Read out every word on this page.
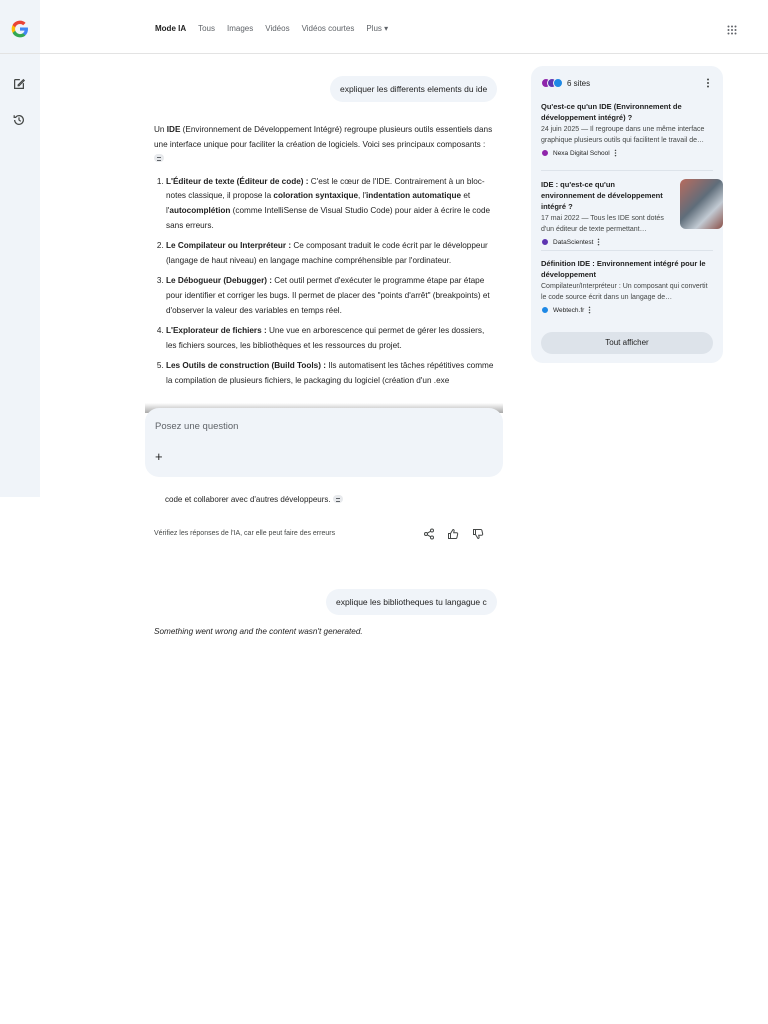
Mode IA Tous Images Vidéos Vidéos courtes Plus ▾
expliquer les differents elements du ide

Un IDE (Environnement de Développement Intégré) regroupe plusieurs outils essentiels dans une interface unique pour faciliter la création de logiciels. Voici ses principaux composants :

1. L'Éditeur de texte (Éditeur de code) : C'est le cœur de l'IDE. Contrairement à un bloc-notes classique, il propose la coloration syntaxique, l'indentation automatique et l'autocomplétion (comme IntelliSense de Visual Studio Code) pour aider à écrire le code sans erreurs.
2. Le Compilateur ou Interpréteur : Ce composant traduit le code écrit par le développeur (langage de haut niveau) en langage machine compréhensible par l'ordinateur.
3. Le Débogueur (Debugger) : Cet outil permet d'exécuter le programme étape par étape pour identifier et corriger les bugs. Il permet de placer des "points d'arrêt" (breakpoints) et d'observer la valeur des variables en temps réel.
4. L'Explorateur de fichiers : Une vue en arborescence qui permet de gérer les dossiers, les fichiers sources, les bibliothèques et les ressources du projet.
5. Les Outils de construction (Build Tools) : Ils automatisent les tâches répétitives comme la compilation de plusieurs fichiers, le packaging du logiciel (création d'un .exe
Posez une question
+
code et collaborer avec d'autres développeurs.
Vérifiez les réponses de l'IA, car elle peut faire des erreurs
explique les bibliotheques tu langague c
Something went wrong and the content wasn't generated.
6 sites
Qu'est-ce qu'un IDE (Environnement de développement intégré) ?
24 juin 2025 — Il regroupe dans une même interface graphique plusieurs outils qui facilitent le travail de…
Nexa Digital School
IDE : qu'est-ce qu'un environnement de développement intégré ?
17 mai 2022 — Tous les IDE sont dotés d'un éditeur de texte permettant…
DataScientest
Définition IDE : Environnement intégré pour le développement
Compilateur/Interpréteur : Un composant qui convertit le code source écrit dans un langage de…
Webtech.fr
Tout afficher
